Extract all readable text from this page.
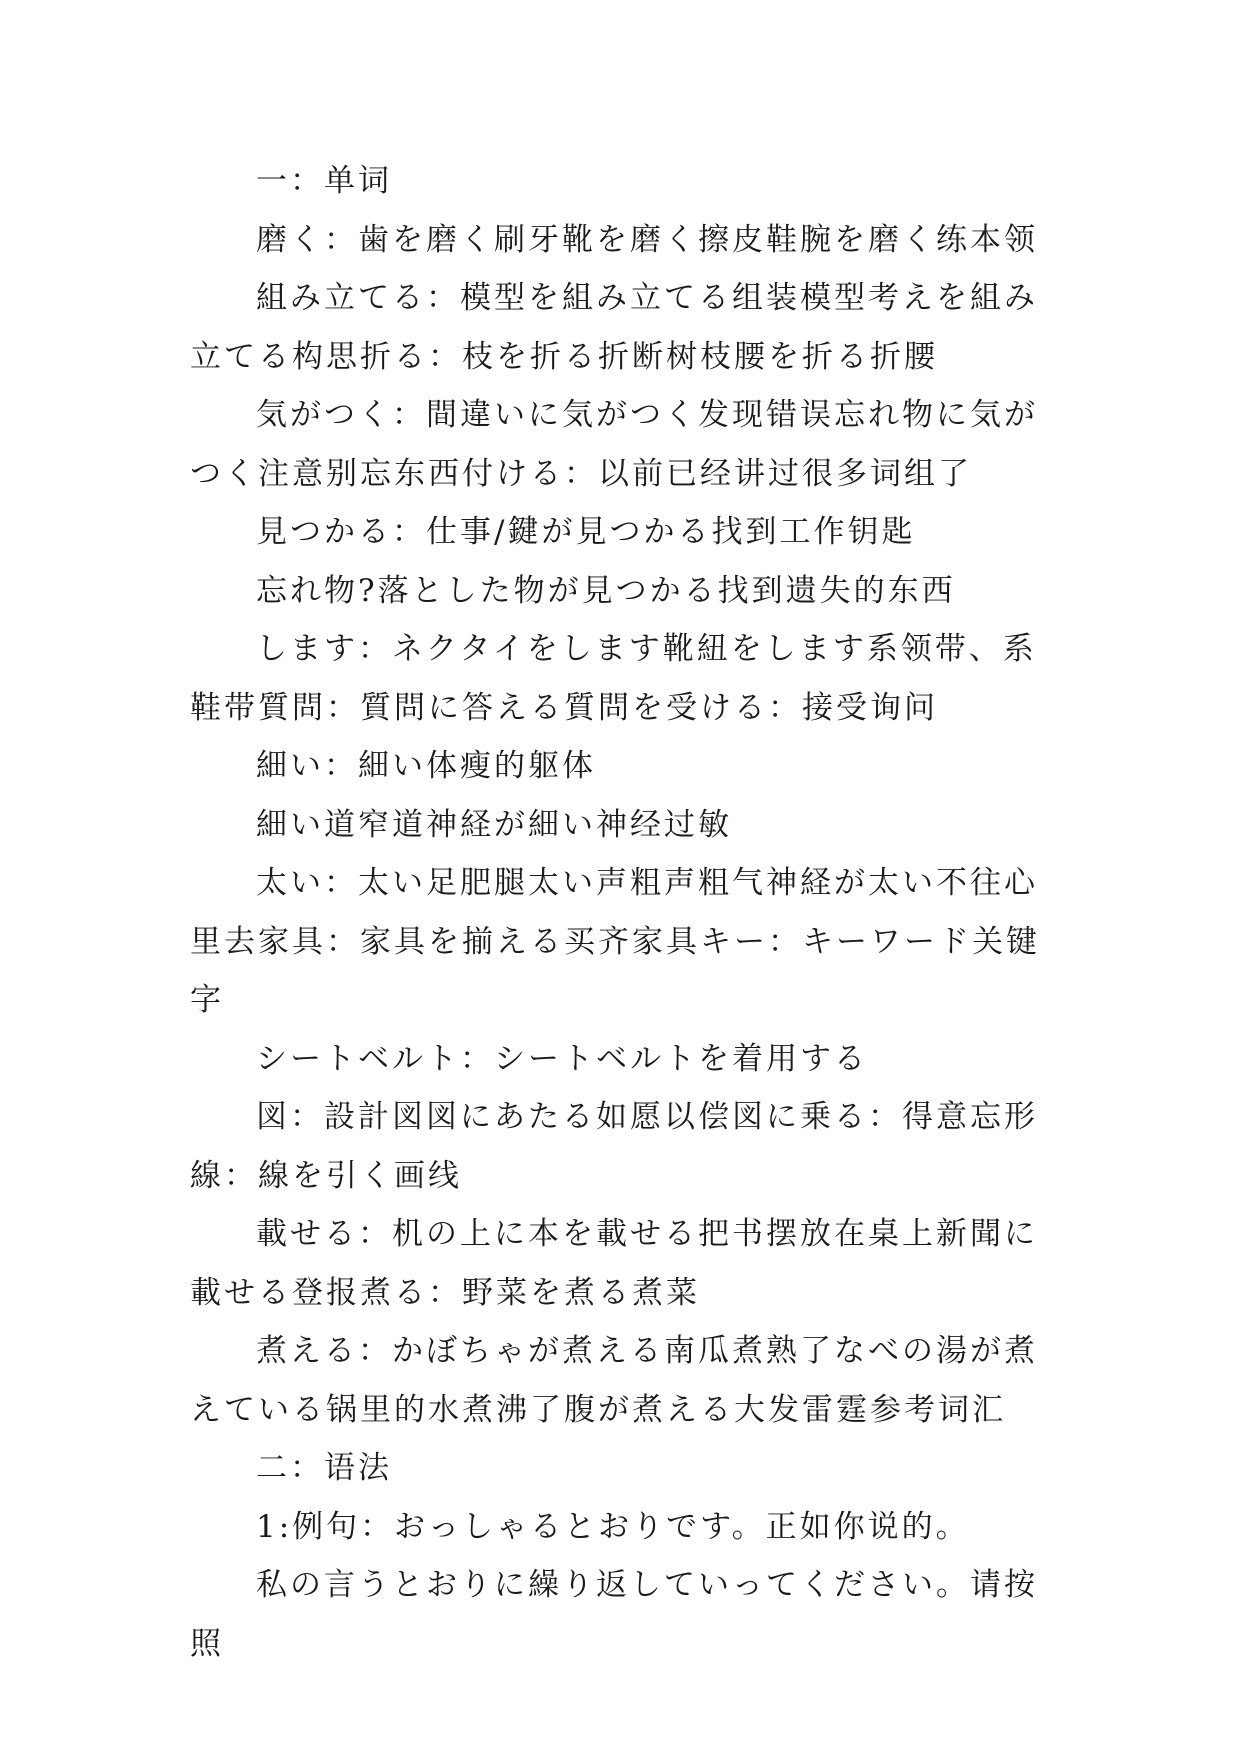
一：单词

磨く：歯を磨く刷牙靴を磨く擦皮鞋腕を磨く练本领

組み立てる：模型を組み立てる组装模型考えを組み立てる构思折る：枝を折る折断树枝腰を折る折腰

気がつく：間違いに気がつく发现错误忘れ物に気がつく注意别忘东西付ける：以前已经讲过很多词组了

見つかる：仕事/鍵が見つかる找到工作钥匙

忘れ物?落とした物が見つかる找到遗失的东西

します：ネクタイをします靴紐をします系领带、系鞋带質問：質問に答える質問を受ける：接受询问

細い：細い体瘦的躯体

細い道窄道神経が細い神经过敏

太い：太い足肥腿太い声粗声粗气神経が太い不往心里去家具：家具を揃える买齐家具キー：キーワード关键字

シートベルト：シートベルトを着用する

図：設計図図にあたる如愿以偿図に乗る：得意忘形線：線を引く画线

載せる：机の上に本を載せる把书摆放在桌上新聞に載せる登报煮る：野菜を煮る煮菜

煮える：かぼちゃが煮える南瓜煮熟了なべの湯が煮えている锅里的水煮沸了腹が煮える大发雷霆参考词汇

二：语法

1:例句：おっしゃるとおりです。正如你说的。

私の言うとおりに繰り返していってください。请按照
